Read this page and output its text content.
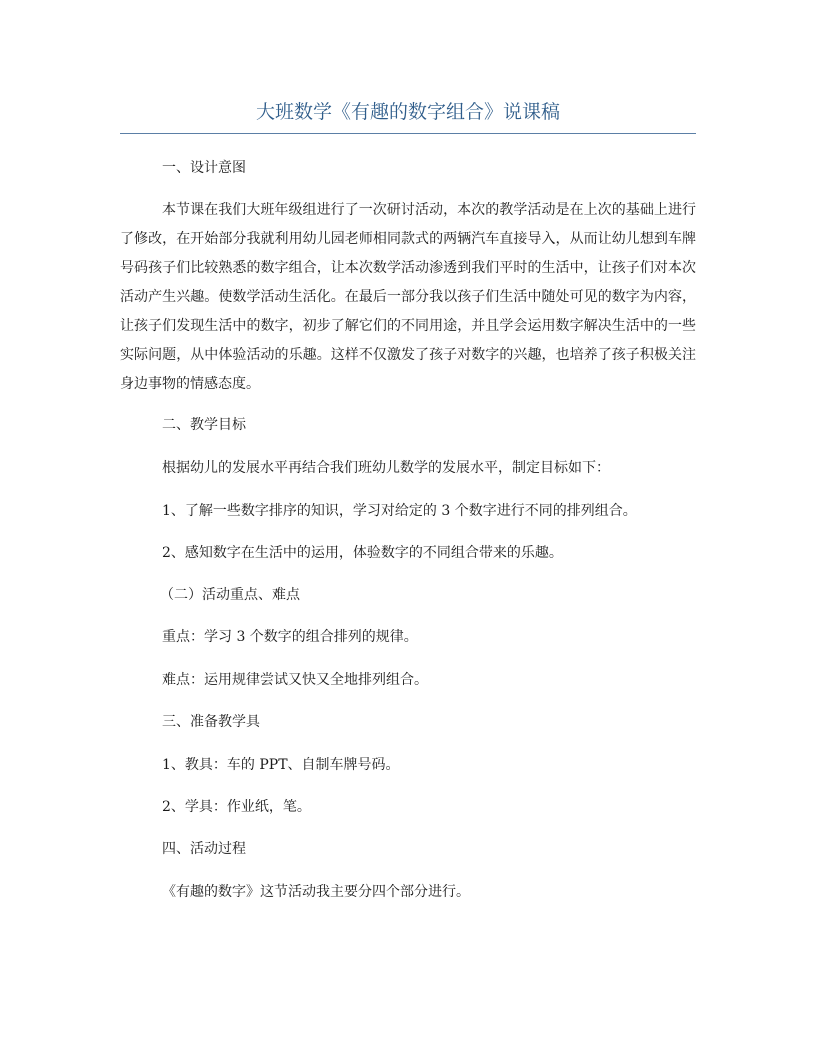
大班数学《有趣的数字组合》说课稿

一、设计意图

本节课在我们大班年级组进行了一次研讨活动，本次的教学活动是在上次的基础上进行了修改，在开始部分我就利用幼儿园老师相同款式的两辆汽车直接导入，从而让幼儿想到车牌号码孩子们比较熟悉的数字组合，让本次数学活动渗透到我们平时的生活中，让孩子们对本次活动产生兴趣。使数学活动生活化。在最后一部分我以孩子们生活中随处可见的数字为内容，让孩子们发现生活中的数字，初步了解它们的不同用途，并且学会运用数字解决生活中的一些实际问题，从中体验活动的乐趣。这样不仅激发了孩子对数字的兴趣，也培养了孩子积极关注身边事物的情感态度。

二、教学目标

根据幼儿的发展水平再结合我们班幼儿数学的发展水平，制定目标如下：

1、了解一些数字排序的知识，学习对给定的 3 个数字进行不同的排列组合。

2、感知数字在生活中的运用，体验数字的不同组合带来的乐趣。

（二）活动重点、难点

重点：学习 3 个数字的组合排列的规律。

难点：运用规律尝试又快又全地排列组合。

三、准备教学具

1、教具：车的 PPT、自制车牌号码。

2、学具：作业纸，笔。

四、活动过程

《有趣的数字》这节活动我主要分四个部分进行。
